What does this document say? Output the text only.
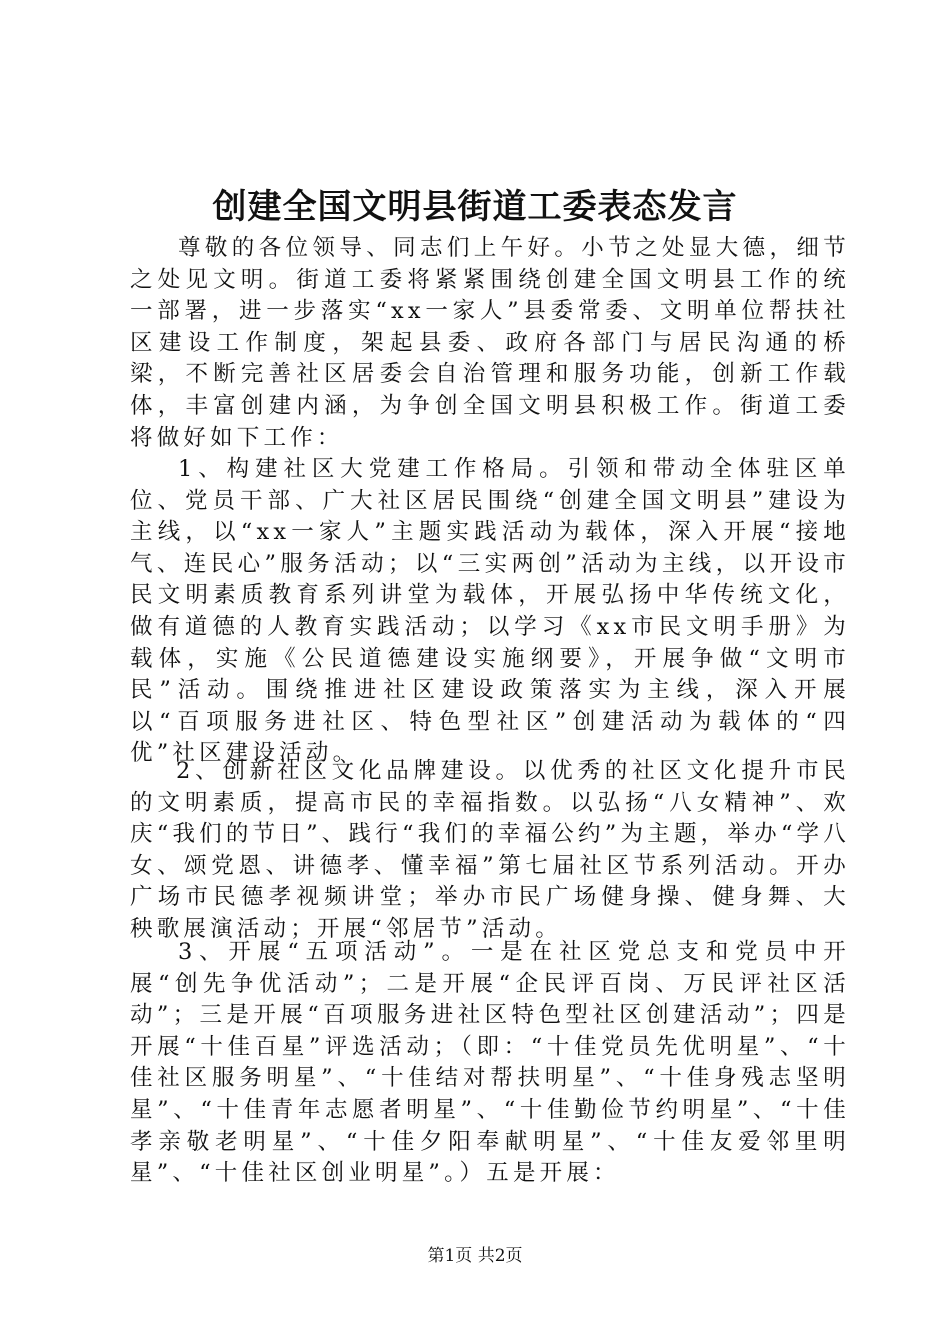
创建全国文明县街道工委表态发言
尊敬的各位领导、同志们上午好。小节之处显大德，细节之处见文明。街道工委将紧紧围绕创建全国文明县工作的统一部署，进一步落实“xx一家人”县委常委、文明单位帮扶社区建设工作制度，架起县委、政府各部门与居民沟通的桥梁，不断完善社区居委会自治管理和服务功能，创新工作载体，丰富创建内涵，为争创全国文明县积极工作。街道工委将做好如下工作：
1、构建社区大党建工作格局。引领和带动全体驻区单位、党员干部、广大社区居民围绕“创建全国文明县”建设为主线，以“xx一家人”主题实践活动为载体，深入开展“接地气、连民心”服务活动；以“三实两创”活动为主线，以开设市民文明素质教育系列讲堂为载体，开展弘扬中华传统文化，做有道德的人教育实践活动；以学习《xx市民文明手册》为载体，实施《公民道德建设实施纲要》，开展争做“文明市民”活动。围绕推进社区建设政策落实为主线，深入开展以“百项服务进社区、特色型社区”创建活动为载体的“四优”社区建设活动。
2、创新社区文化品牌建设。以优秀的社区文化提升市民的文明素质，提高市民的幸福指数。以弘扬“八女精神”、欢庆“我们的节日”、践行“我们的幸福公约”为主题，举办“学八女、颂党恩、讲德孝、懂幸福”第七届社区节系列活动。开办广场市民德孝视频讲堂；举办市民广场健身操、健身舞、大秧歌展演活动；开展“邻居节”活动。
3、开展“五项活动”。一是在社区党总支和党员中开展“创先争优活动”；二是开展“企民评百岗、万民评社区活动”；三是开展“百项服务进社区特色型社区创建活动”；四是开展“十佳百星”评选活动；（即：“十佳党员先优明星”、“十佳社区服务明星”、“十佳结对帮扶明星”、“十佳身残志坚明星”、“十佳青年志愿者明星”、“十佳勤俭节约明星”、“十佳孝亲敬老明星”、“十佳夕阳奉献明星”、“十佳友爱邻里明星”、“十佳社区创业明星”。）五是开展：
第1页 共2页
